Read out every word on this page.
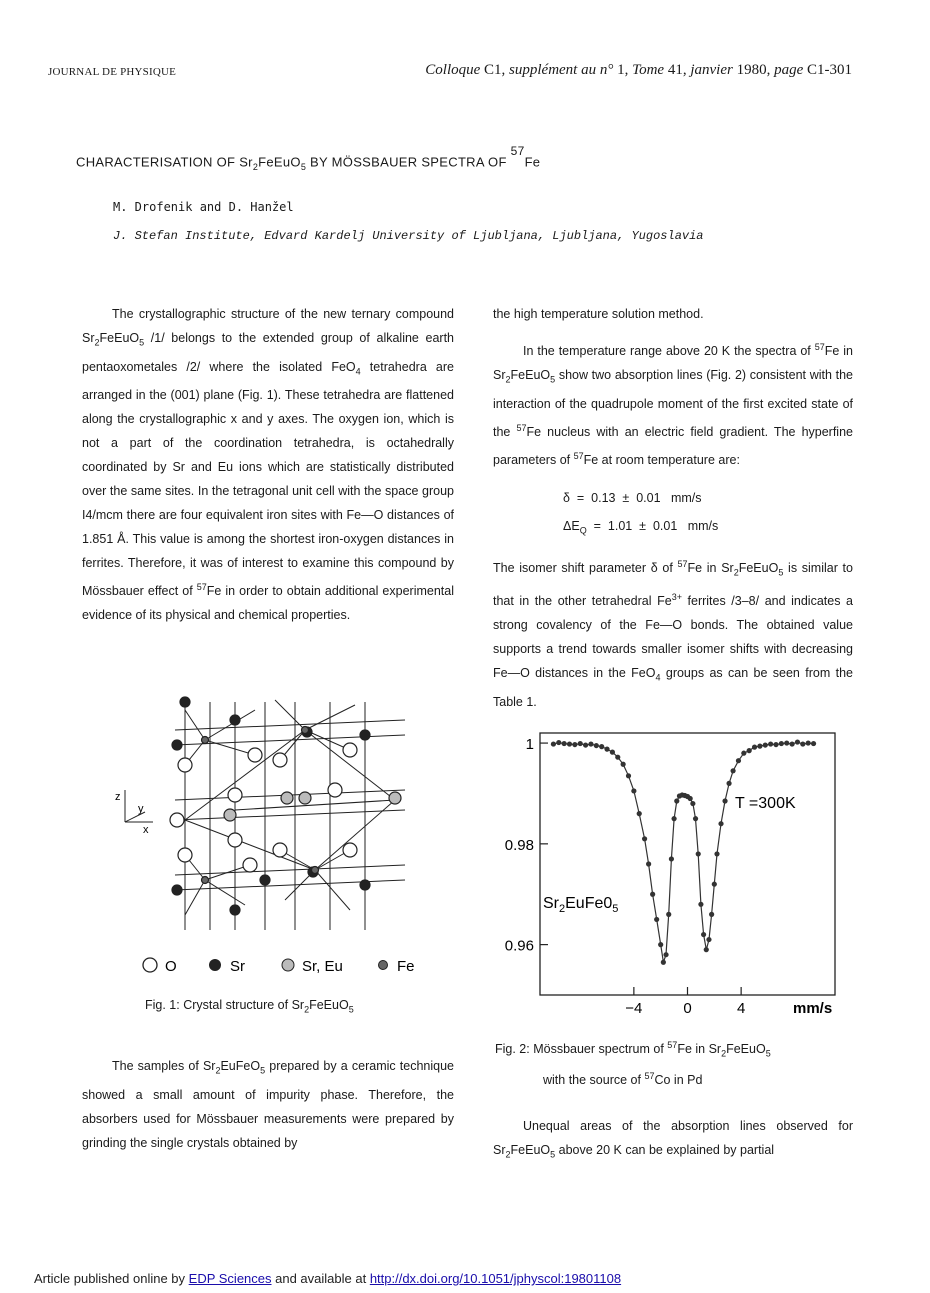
JOURNAL DE PHYSIQUE	Colloque C1, supplément au n° 1, Tome 41, janvier 1980, page C1-301
CHARACTERISATION OF $Sr_2FeEuO_5$ BY MÖSSBAUER SPECTRA OF $^{57}$Fe
M. Drofenik and D. Hanžel
J. Stefan Institute, Edvard Kardelj University of Ljubljana, Ljubljana, Yugoslavia

The crystallographic structure of the new ternary compound $Sr_2FeEuO_5$ /1/ belongs to the extended group of alkaline earth pentaoxometales /2/ where the isolated FeO$_4$ tetrahedra are arranged in the (001) plane (Fig. 1). These tetrahedra are flattened along the crystallographic x and y axes. The oxygen ion, which is not a part of the coordination tetrahedra, is octahedrally coordinated by Sr and Eu ions which are statistically distributed over the same sites. In the tetragonal unit cell with the space group I4/mcm there are four equivalent iron sites with Fe—O distances of 1.851 Å. This value is among the shortest iron-oxygen distances in ferrites. Therefore, it was of interest to examine this compound by Mössbauer effect of $^{57}$Fe in order to obtain additional experimental evidence of its physical and chemical properties.

z
y
x
O	Sr	Sr, Eu	Fe
Fig. 1: Crystal structure of $Sr_2FeEuO_5$

The samples of $Sr_2EuFeO_5$ prepared by a ceramic technique showed a small amount of impurity phase. Therefore, the absorbers used for Mössbauer measurements were prepared by grinding the single crystals obtained by

the high temperature solution method.

In the temperature range above 20 K the spectra of $^{57}$Fe in $Sr_2FeEuO_5$ show two absorption lines (Fig. 2) consistent with the interaction of the quadrupole moment of the first excited state of the $^{57}$Fe nucleus with an electric field gradient. The hyperfine parameters of $^{57}$Fe at room temperature are:

δ  =  0.13  ±  0.01   mm/s

$\Delta E_Q = 1.01 \pm 0.01$   mm/s

The isomer shift parameter δ of $^{57}$Fe in $Sr_2FeEuO_5$ is similar to that in the other tetrahedral $Fe^{3+}$ ferrites /3–8/ and indicates a strong covalency of the Fe—O bonds. The obtained value supports a trend towards smaller isomer shifts with decreasing Fe—O distances in the FeO$_4$ groups as can be seen from the Table 1.

1
0.98
0.96
−4	0	4
T =300K
$Sr_2EuFe0_5$
mm/s
Fig. 2: Mössbauer spectrum of $^{57}$Fe in $Sr_2FeEuO_5$
with the source of $^{57}$Co in Pd

Unequal areas of the absorption lines observed for $Sr_2FeEuO_5$ above 20 K can be explained by partial

Article published online by EDP Sciences and available at http://dx.doi.org/10.1051/jphyscol:19801108
